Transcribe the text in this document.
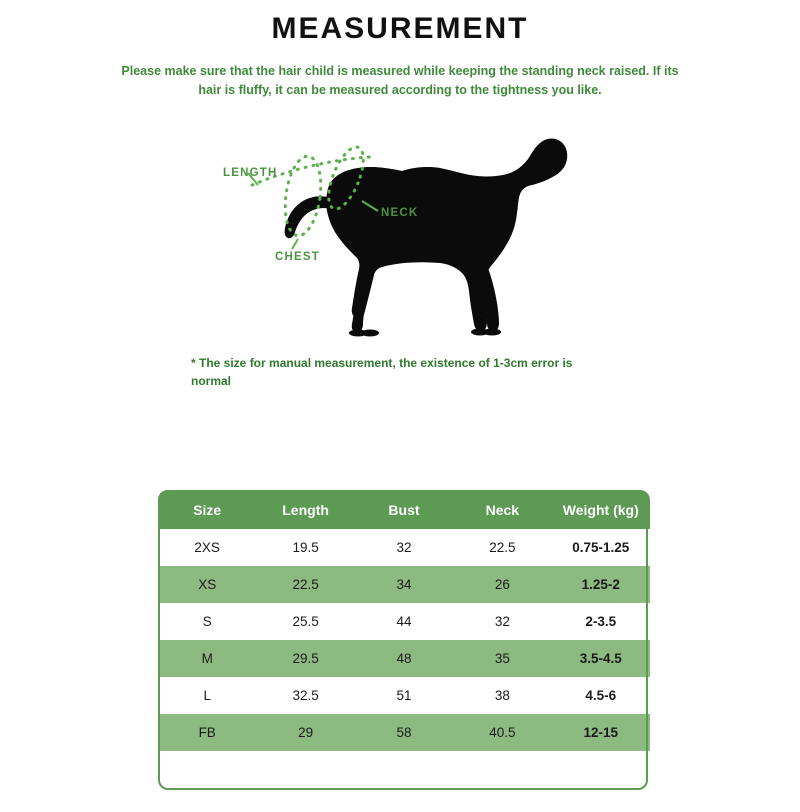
MEASUREMENT
Please make sure that the hair child is measured while keeping the standing neck raised. If its hair is fluffy, it can be measured according to the tightness you like.
LENGTH
NECK
CHEST
* The size for manual measurement, the existence of 1-3cm error is normal
Size	Length	Bust	Neck	Weight (kg)
2XS	19.5	32	22.5	0.75-1.25
XS	22.5	34	26	1.25-2
S	25.5	44	32	2-3.5
M	29.5	48	35	3.5-4.5
L	32.5	51	38	4.5-6
FB	29	58	40.5	12-15
